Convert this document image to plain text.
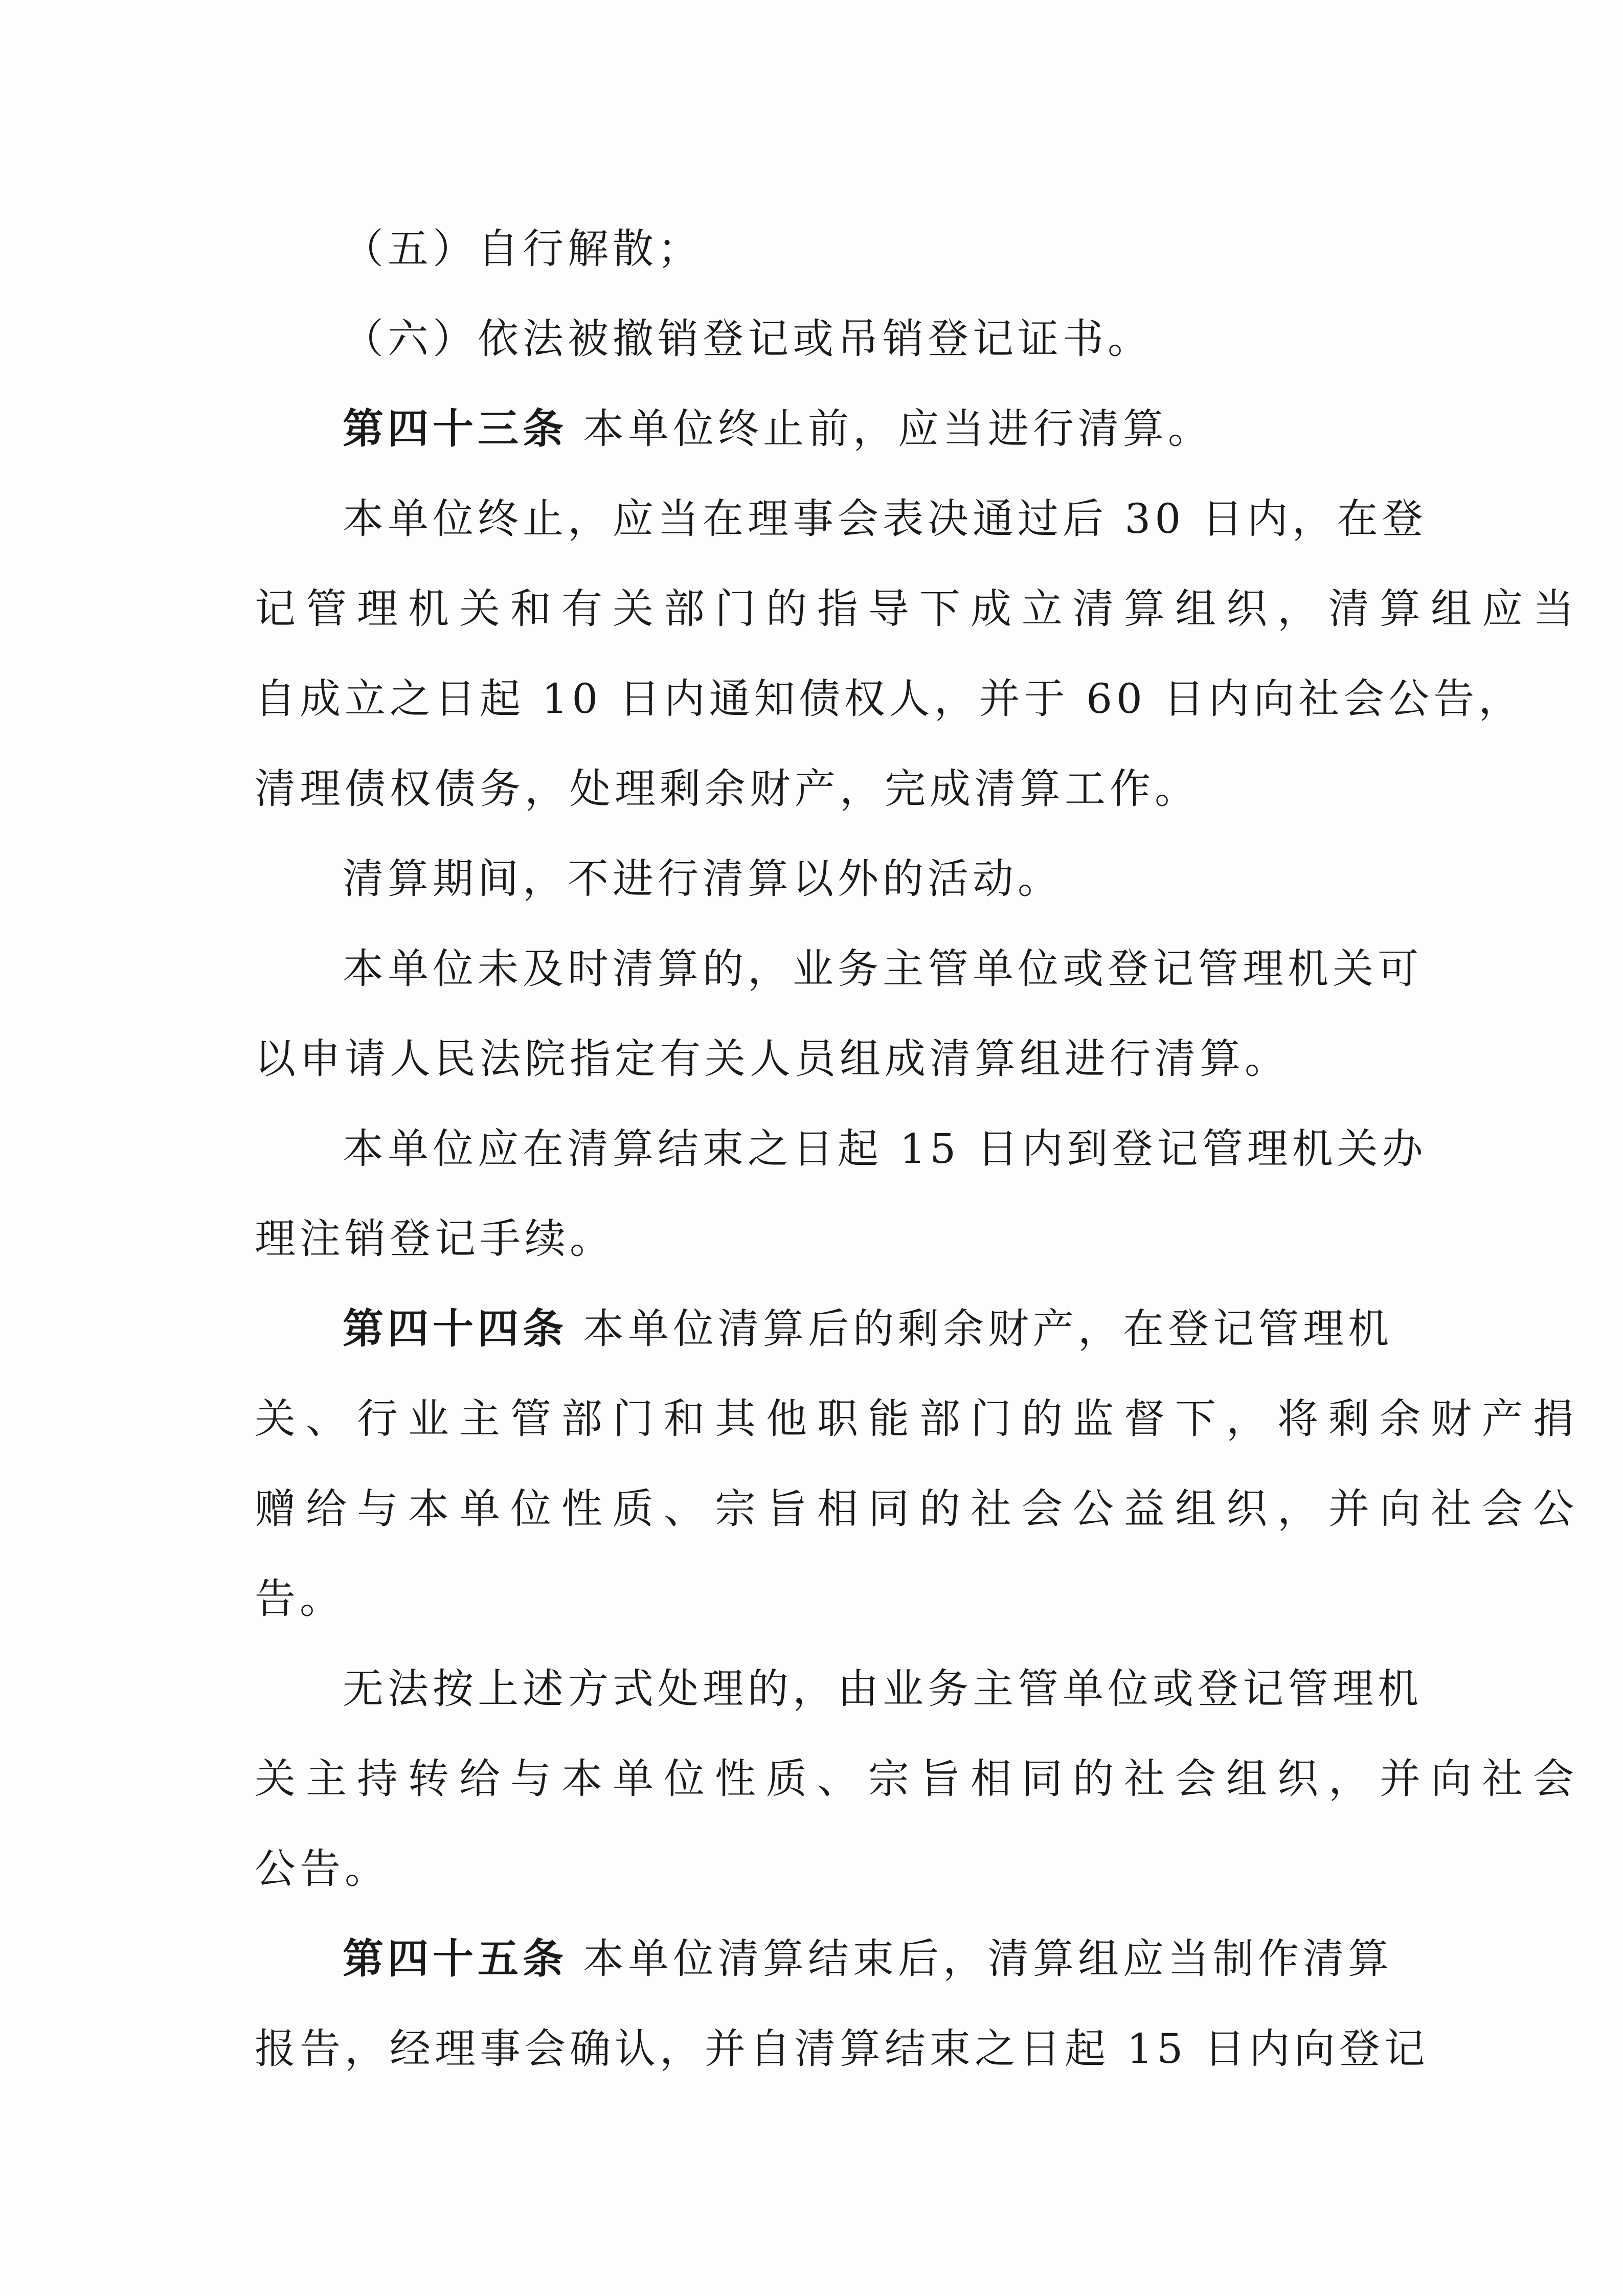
（五）自行解散；

（六）依法被撤销登记或吊销登记证书。

第四十三条

本单位终止前，应当进行清算。

本单位终止，应当在理事会表决通过后 30 日内，在登

记管理机关和有关部门的指导下成立清算组织，清算组应当

自成立之日起 10 日内通知债权人，并于 60 日内向社会公告，

清理债权债务，处理剩余财产，完成清算工作。

清算期间，不进行清算以外的活动。

本单位未及时清算的，业务主管单位或登记管理机关可

以申请人民法院指定有关人员组成清算组进行清算。

本单位应在清算结束之日起 15 日内到登记管理机关办

理注销登记手续。

第四十四条

本单位清算后的剩余财产，在登记管理机

关、行业主管部门和其他职能部门的监督下，将剩余财产捐

赠给与本单位性质、宗旨相同的社会公益组织，并向社会公

告。

无法按上述方式处理的，由业务主管单位或登记管理机

关主持转给与本单位性质、宗旨相同的社会组织，并向社会

公告。

第四十五条

本单位清算结束后，清算组应当制作清算

报告，经理事会确认，并自清算结束之日起 15 日内向登记
